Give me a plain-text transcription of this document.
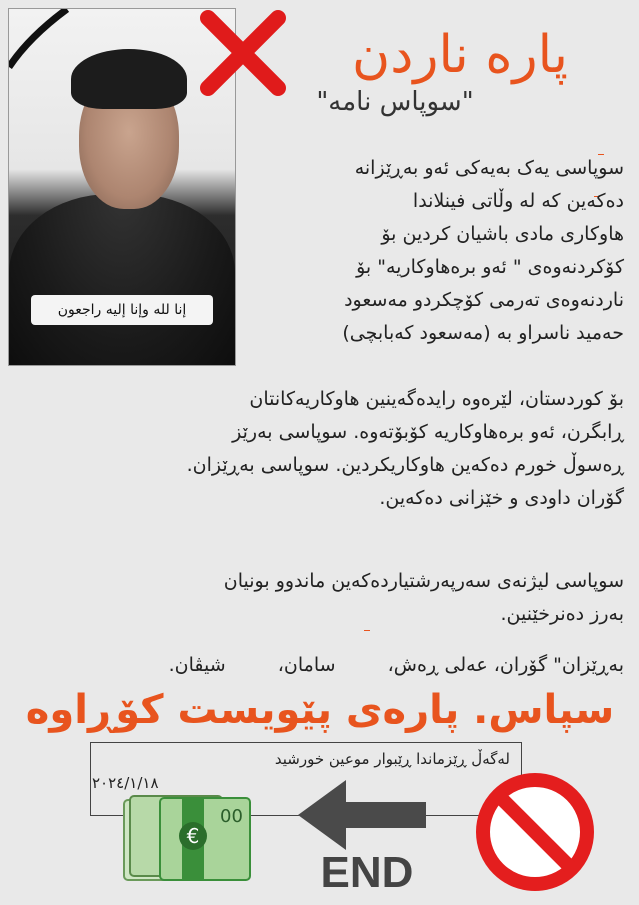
إنا لله وإنا إليه راجعون
پارە ناردن
"سوپاس نامە"
سوپاسی یەک بەیەکی ئەو بەڕێزانە
دەکەین کە لە وڵاتی فینلاندا
هاوکاری مادی باشیان کردین بۆ
کۆکردنەوەی " ئەو برەهاوکاریە" بۆ
ناردنەوەی تەرمی کۆچکردو مەسعود
حەمید ناسراو بە (مەسعود کەبابچی)
بۆ کوردستان، لێرەوە رایدەگەینین هاوکاریەکانتان
ڕابگرن، ئەو برەهاوکاریە کۆبۆتەوە. سوپاسی بەرێز
ڕەسوڵ خورم دەکەین هاوکاریکردین. سوپاسی بەڕێزان.
گۆران داودی و خێزانی دەکەین.
سوپاسی لیژنەی سەرپەرشتیاردەکەین ماندوو بونیان
بەرز دەنرخێنین.
بەڕێزان" گۆران، عەلی ڕەش،  سامان،  شیڤان.
سپاس. پارەی پێویست کۆڕاوە
لەگەڵ ڕێزماندا ڕێبوار موعین خورشید
٢٠٢٤/١/١٨
€
00
END
